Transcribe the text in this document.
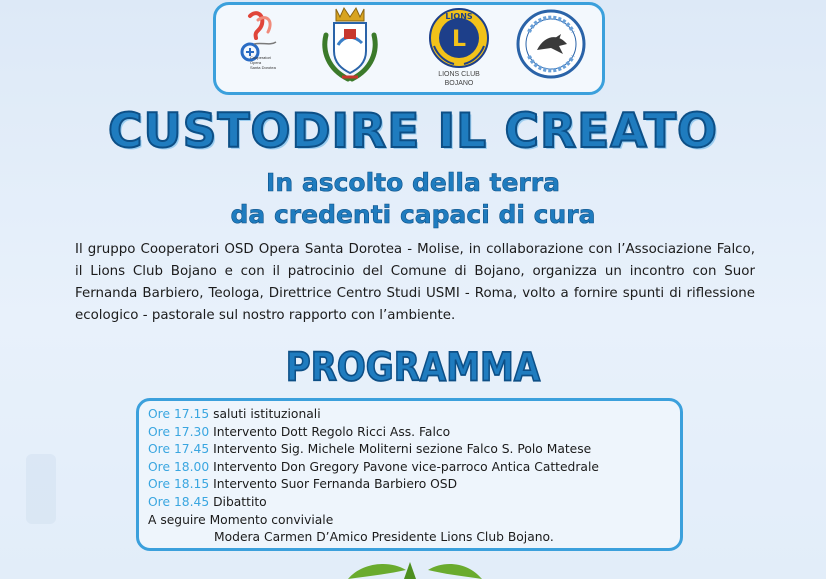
Cooperatori
Opera
Santa Dorotea
LIONS
L
LIONS CLUB
BOJANO
CUSTODIRE IL CREATO
In ascolto della terra
da credenti capaci di cura

Il gruppo Cooperatori OSD Opera Santa Dorotea - Molise, in collaborazione con l’Associazione Falco, il Lions Club Bojano e con il patrocinio del Comune di Bojano, organizza un incontro con Suor Fernanda Barbiero, Teologa, Direttrice Centro Studi USMI - Roma, volto a fornire spunti di riflessione ecologico - pastorale sul nostro rapporto con l’ambiente.

PROGRAMMA
Ore 17.15 saluti istituzionali
Ore 17.30 Intervento Dott Regolo Ricci Ass. Falco
Ore 17.45 Intervento Sig. Michele Moliterni sezione Falco S. Polo Matese
Ore 18.00 Intervento Don Gregory Pavone vice-parroco Antica Cattedrale
Ore 18.15 Intervento Suor Fernanda Barbiero OSD
Ore 18.45 Dibattito
A seguire Momento conviviale
Modera Carmen D’Amico Presidente Lions Club Bojano.
